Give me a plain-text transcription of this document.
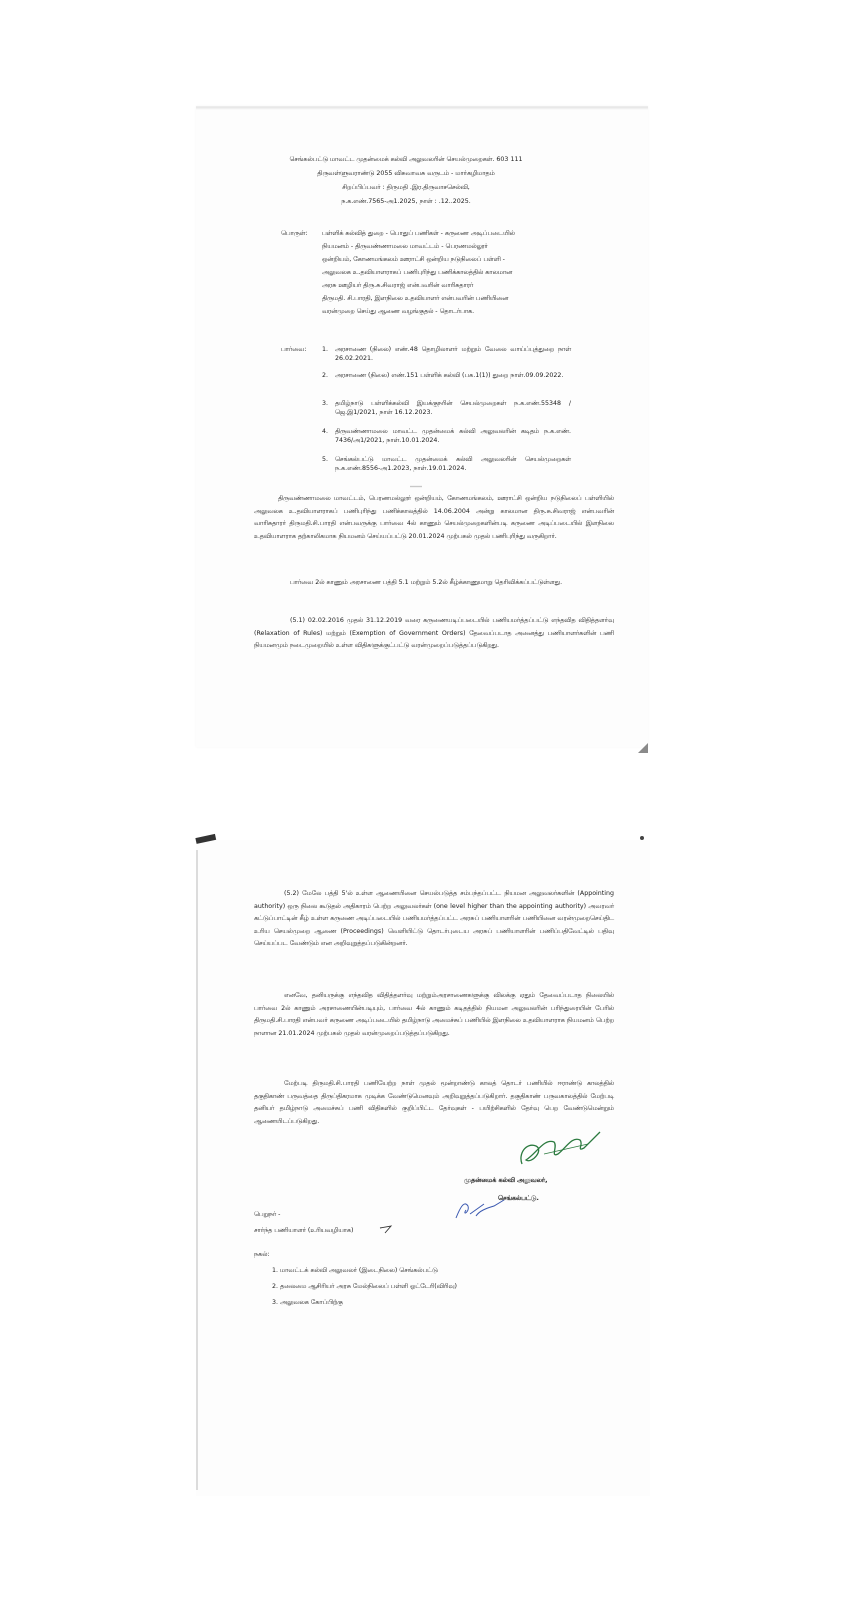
செங்கல்பட்டு மாவட்ட முதன்மைக் கல்வி அலுவலரின் செயல்முறைகள். 603 111
திருவள்ளுவராண்டு 2055 விசுவாவசு வருடம் - மார்கழிமாதம்
சிறப்பிப்பவர் : திருமதி .இர.திருவாசசெல்வி,
ந.க.எண்.7565-அ1.2025, நாள் : .12..2025.
பொருள்: பள்ளிக் கல்வித் துறை - பொதுப் பணிகள் - கருணை அடிப்படையில்
நியமனம் - திருவண்ணாமலை மாவட்டம் - பெரணமல்லூர்
ஒன்றியம், கோணமங்கலம் ஊராட்சி ஒன்றிய நடுநிலைப் பள்ளி -
அலுவலக உ.தவியாளராகப் பணிபுரிந்து பணிக்காலத்தில் காலமான
அரசு ஊழியர் திரு.சு.சிவராஜ் என்பவரின் வாரிசுதாரர்
திருமதி. சி.பாரதி, இளநிலை உதவியாளர் என்பவரின் பணியினை
வரன்முறை செய்து ஆணை வழங்குதல் - தொடர்பாக.
பார்வை: 1. அரசாணை (நிலை) எண்.48 தொழிலாளர் மற்றும் வேலை வாய்ப்புத்துறை நாள் 26.02.2021.
2. அரசாணை (நிலை) எண்.151 பள்ளிக் கல்வி (பக.1(1)) துறை நாள்.09.09.2022.
3. தமிழ்நாடு பள்ளிக்கல்வி இயக்குநரின் செயல்முறைகள் ந.க.எண்.55348 /ஜெ.இ1/2021, நாள் 16.12.2023.
4. திருவண்ணாமலை மாவட்ட முதன்மைக் கல்வி அலுவலரின் கடிதம் ந.க.எண். 7436/அ1/2021, நாள்.10.01.2024.
5. செங்கல்பட்டு மாவட்ட முதன்மைக் கல்வி அலுவலரின் செயல்முறைகள் ந.க.எண்.8556-அ1.2023, நாள்.19.01.2024.
******
திருவண்ணாமலை மாவட்டம், பெரணமல்லூர் ஒன்றியம், கோணமங்கலம், ஊராட்சி ஒன்றிய நடுநிலைப் பள்ளியில் அலுவலக உ.தவியாளராகப் பணிபுரிந்து பணிக்காலத்தில் 14.06.2004 அன்று காலமான திரு.சு.சிவராஜ் என்பவரின் வாரிசுதாரர் திருமதி.சி.பாரதி என்பவருக்கு பார்வை 4ல் காணும் செயல்முறைகளின்படி கருணை அடிப்படையில் இளநிலை உதவியாளராக தற்காலிகமாக நியமனம் செய்யப்பட்டு 20.01.2024 முற்பகல் முதல் பணிபுரிந்து வருகிறார்.
பார்வை 2ல் காணும் அரசாணை பத்தி 5.1 மற்றும் 5.2ல் கீழ்க்காணுமாறு தெரிவிக்கப்பட்டுள்ளது.
(5.1) 02.02.2016 முதல் 31.12.2019 வரை கருணையடிப்படையில் பணியமர்த்தப்பட்டு எந்தவித விதித்தளர்வு (Relaxation of Rules) மற்றும் (Exemption of Government Orders) தேவைப்படாத அனைத்து பணியாளர்களின் பணி நியமனமும் நடைமுறையில் உள்ள விதிகளுக்குட்பட்டு வரன்முறைப்படுத்தப்படுகிறது.
(5.2) மேலே பத்தி 5'ல் உள்ள ஆணையினை செயல்படுத்த சம்பந்தப்பட்ட நியமன அலுவலர்களின் (Appointing authority) ஒரு நிலை கூடுதல் அதிகாரம் பெற்ற அலுவலர்கள் (one level higher than the appointing authority) அவரவர் கட்டுப்பாட்டின் கீழ் உள்ள கருணை அடிப்படையில் பணியமர்த்தப்பட்ட அரசுப் பணியாளரின் பணியினை வரன்முறைசெய்திட உரிய செயல்முறை ஆணை (Proceedings) வெளியிட்டு தொடர்புடைய அரசுப் பணியாளரின் பணிப்பதிவேட்டில் பதிவு செய்யப்பட வேண்டும் என அறிவுறுத்தப்படுகின்றனர்.
எனவே, தனியருக்கு எந்தவித விதித்தளர்வு மற்றும்அரசாணைகளுக்கு விலக்கு ஏதும் தேவைப்படாத நிலையில் பார்வை 2ல் காணும் அரசாணையின்படியும், பார்வை 4ல் காணும் கடிதத்தில் நியமன அலுவலரின் பரிந்துரையின் பேரில் திருமதி.சி.பாரதி என்பவர் கருணை அடிப்படையில் தமிழ்நாடு அமைச்சுப் பணியில் இளநிலை உதவியாளராக நியமனம் பெற்ற நாளான 21.01.2024 முற்பகல் முதல் வரன்முறைப்படுத்தப்படுகிறது.
மேற்படி திருமதி.சி.பாரதி பணியேற்ற நாள் முதல் மூன்றாண்டு காலத் தொடர் பணியில் ஈராண்டு காலத்தில் தகுதிகாண் பருவத்தை திருப்திகரமாக முடிக்க வேண்டுமெனவும் அறிவுறுத்தப்படுகிறார். தகுதிகாண் பருவகாலத்தில் மேற்படி தனியர் தமிழ்நாடு அமைச்சுப் பணி விதிகளில் குறிப்பிட்ட தேர்வுகள் - பயிற்சிகளில் தேர்வு பெற வேண்டுமென்றும் ஆணையிடப்படுகிறது.
முதன்மைக் கல்வி அலுவலர்,
செங்கல்பட்டு.
பெறுநர் -
சார்ந்த பணியாளர் (உரியவழியாக)
நகல்:
1. மாவட்டக் கல்வி அலுவலர் (இடைநிலை) செங்கல்பட்டு
2. தலைமை ஆசிரியர் அரசு மேல்நிலைப் பள்ளி ஓட்டேரி(விரிவு)
3. அலுவலக கோப்பிற்கு
